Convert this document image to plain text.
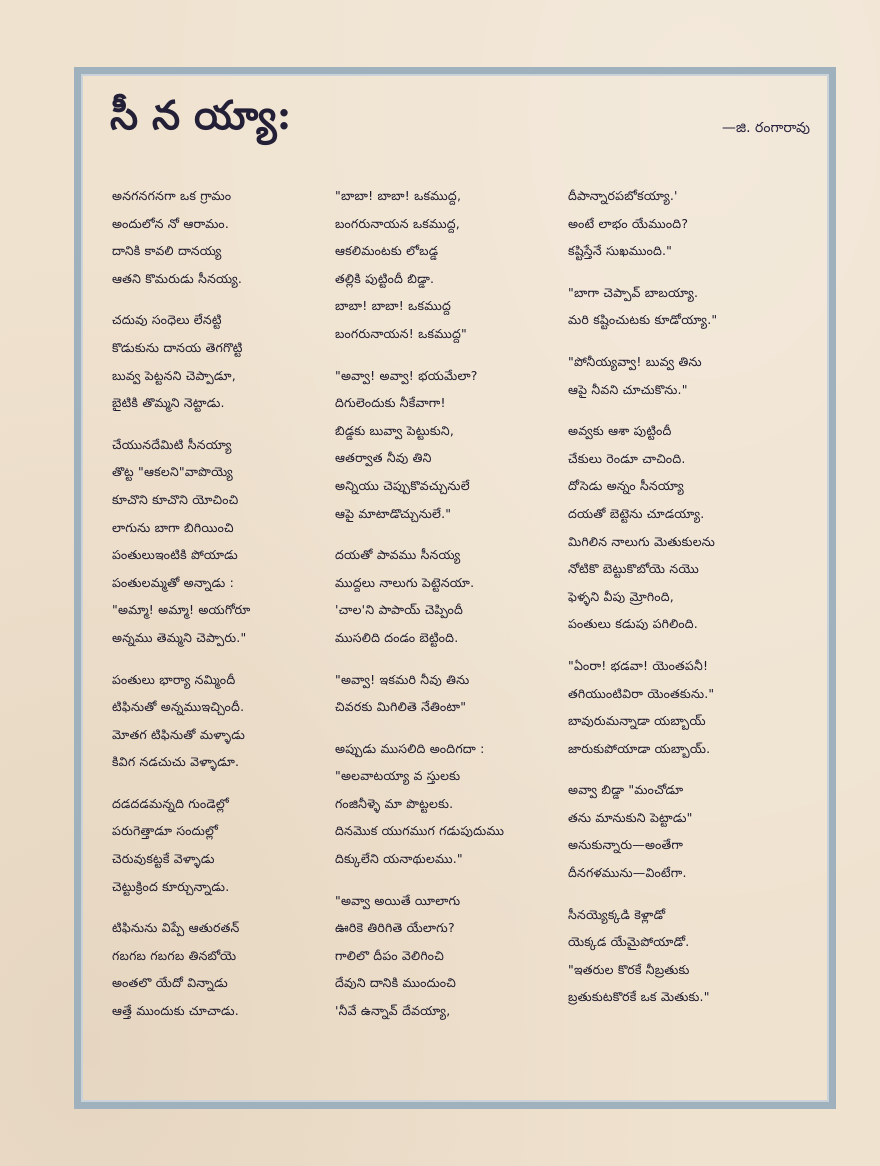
సీ న య్యా:	—జి. రంగారావు
అనగనగనగా ఒక గ్రామం
అందులోన నో ఆరామం.
దానికి కావలి దానయ్య
ఆతని కొమరుడు సీనయ్య.
చదువు సంధెలు లేనట్టి
కొడుకును దానయ తెగగొట్టి
బువ్వ పెట్టనని చెప్పాడూ,
బైటికి తొమ్మని నెట్టాడు.
చేయునదేమిటి సీనయ్యా
తొట్ట "ఆకలని"వాపొయ్యె
కూచొని కూచొని యోచించి
లాగును బాగా బిగియించి
పంతులుఇంటికి పోయాడు
పంతులమ్మతో అన్నాడు :
"అమ్మా! అమ్మా! అయగోరూ
అన్నము తెమ్మని చెప్పారు."
పంతులు భార్యా నమ్మిందీ
టిఫినుతో అన్నముఇచ్చిందీ.
మోతగ టిఫినుతో మళ్ళాడు
కివిగ నడచుచు వెళ్ళాడూ.
దడదడమన్నది గుండెల్లో
పరుగెత్తాడూ సందుల్లో
చెరువుకట్టకే వెళ్ళాడు
చెట్టుక్రింద కూర్చున్నాడు.
టిఫినును విప్పే ఆతురతన్
గబగబ గబగబ తినబోయె
అంతలొ యేదో విన్నాడు
ఆత్తే ముందుకు చూచాడు.
"బాబా! బాబా! ఒకముద్ద,
బంగరునాయన ఒకముద్ద,
ఆకలిమంటకు లోబడ్డ
తల్లికి పుట్టిందీ బిడ్డా.
బాబా! బాబా! ఒకముద్ద
బంగరునాయన! ఒకముద్ద"
"అవ్వా! అవ్వా! భయమేలా?
దిగులెందుకు నీకేవాగా!
బిడ్డకు బువ్వా పెట్టుకుని,
ఆతర్వాత నీవు తిని
అన్నియు చెప్పుకొవచ్చునులే
ఆపై మాటాడొచ్చునులే."
దయతో పావము సీనయ్య
ముద్దలు నాలుగు పెట్టెనయా.
'చాల'ని పాపాయ్ చెప్పిందీ
ముసలిది దండం బెట్టింది.
"అవ్వా! ఇకమరి నీవు తిను
చివరకు మిగిలితె నేతింటా"
అప్పుడు ముసలిది అందిగదా :
"అలవాటయ్యా వ స్తులకు
గంజినీళ్ళె మా పొట్టలకు.
దినమొక యుగముగ గడుపుదుము
దిక్కులేని యనాథులము."
"అవ్వా అయితే యీలాగు
ఊరికె తిరిగితె యేలాగు?
గాలిలొ దీపం వెలిగించి
దేవుని దానికి ముందుంచి
'నీవే ఉన్నావ్ దేవయ్యా,
దీపాన్నారపబోకయ్యా.'
అంటే లాభం యేముంది?
కష్టిస్తేనే సుఖముంది."
"బాగా చెప్పావ్ బాబయ్యా.
మరి కష్టించుటకు కూడోయ్యా."
"పోనీయ్యవ్వా! బువ్వ తిను
ఆపై నీవని చూచుకొను."
అవ్వకు ఆశా పుట్టిందీ
చేకులు రెండూ చాచింది.
దోసెడు అన్నం సీనయ్యా
దయతో బెట్టెను చూడయ్యా.
మిగిలిన నాలుగు మెతుకులను
నోటికొ బెట్టుకొబోయె నయొ
ఫెళ్ళని వీపు మ్రోగింది,
పంతులు కడుపు పగిలింది.
"ఏంరా! భడవా! యెంతపనీ!
తగియుంటివిరా యెంతకును."
బావురుమన్నాడా యబ్బాయ్
జారుకుపోయాడా యబ్బాయ్.
అవ్వా బిడ్డా "మంచోడూ
తను మానుకుని పెట్టాడు"
అనుకున్నారు—అంతేగా
దీనగళమును—వింటేగా.
సీనయ్యెక్కడి కెళ్లాడో
యెక్కడ యేమైపోయాడో.
"ఇతరుల కొరకే నీబ్రతుకు
బ్రతుకుటకొరకే ఒక మెతుకు."
